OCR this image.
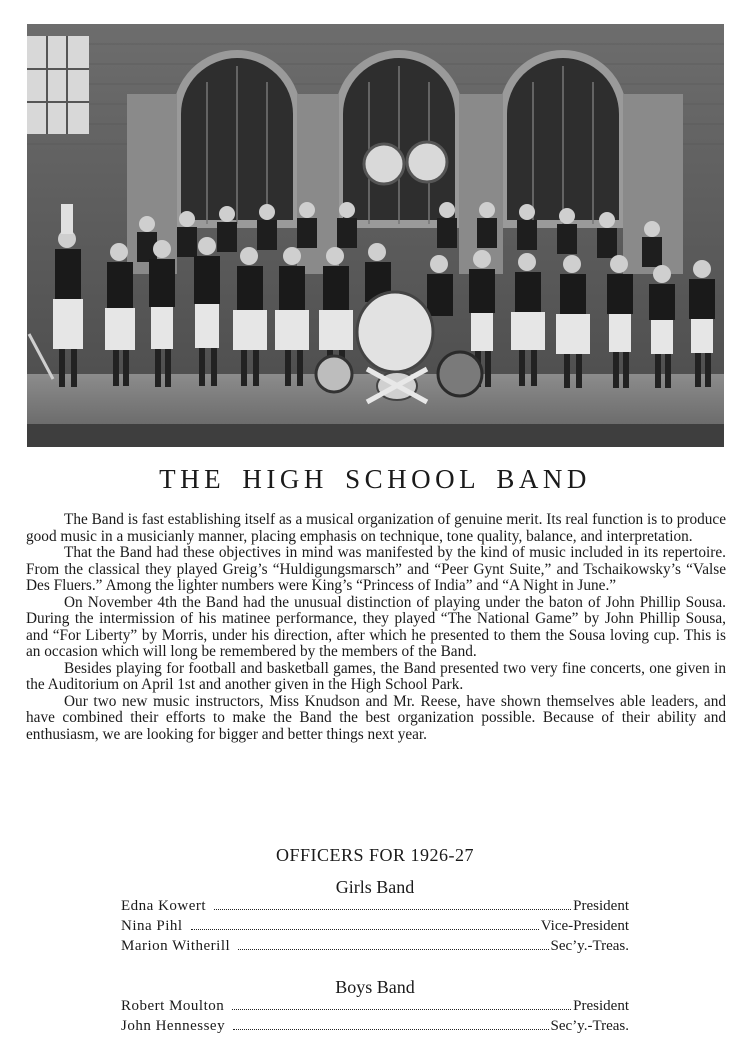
THE HIGH SCHOOL BAND

The Band is fast establishing itself as a musical organization of genuine merit. Its real function is to produce good music in a musicianly manner, placing emphasis on technique, tone quality, balance, and interpretation.

That the Band had these objectives in mind was manifested by the kind of music included in its repertoire. From the classical they played Greig’s “Huldigungsmarsch” and “Peer Gynt Suite,” and Tschaikowsky’s “Valse Des Fluers.” Among the lighter numbers were King’s “Princess of India” and “A Night in June.”

On November 4th the Band had the unusual distinction of playing under the baton of John Phillip Sousa. During the intermission of his matinee performance, they played “The National Game” by John Phillip Sousa, and “For Liberty” by Morris, under his direction, after which he presented to them the Sousa loving cup. This is an occasion which will long be remembered by the members of the Band.

Besides playing for football and basketball games, the Band presented two very fine concerts, one given in the Auditorium on April 1st and another given in the High School Park.

Our two new music instructors, Miss Knudson and Mr. Reese, have shown themselves able leaders, and have combined their efforts to make the Band the best organization possible. Because of their ability and enthusiasm, we are looking for bigger and better things next year.

OFFICERS FOR 1926-27
Girls Band
Edna Kowert	President
Nina Pihl	Vice-President
Marion Witherill	Sec’y.-Treas.
Boys Band
Robert Moulton	President
John Hennessey	Sec’y.-Treas.
